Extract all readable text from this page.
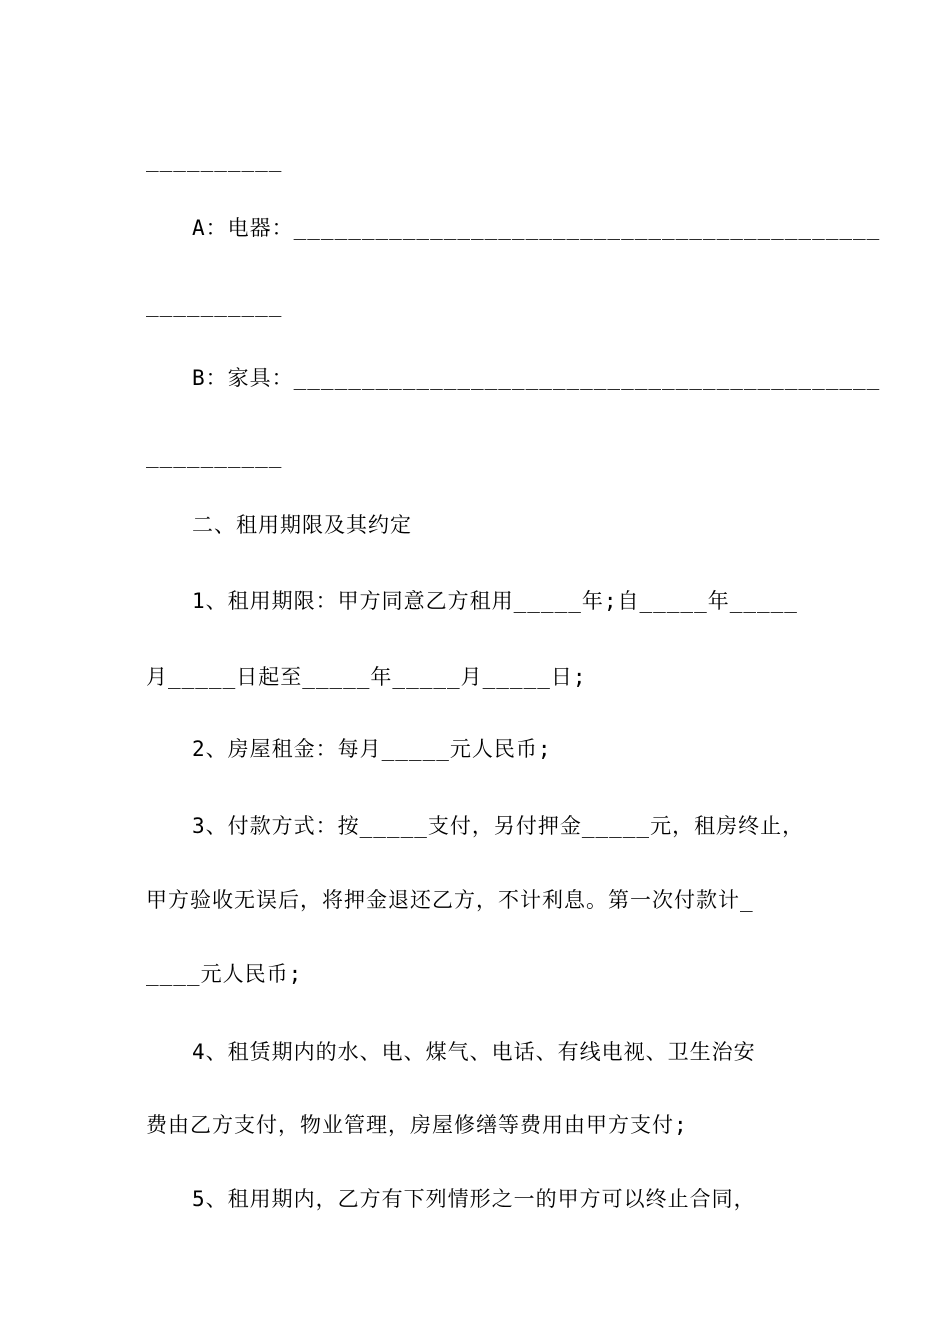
__________
A：电器：___________________________________________
__________
B：家具：___________________________________________
__________
二、租用期限及其约定
1、租用期限：甲方同意乙方租用_____年;自_____年_____
月_____日起至_____年_____月_____日;
2、房屋租金：每月_____元人民币;
3、付款方式：按_____支付，另付押金_____元，租房终止，
甲方验收无误后，将押金退还乙方，不计利息。第一次付款计_
____元人民币;
4、租赁期内的水、电、煤气、电话、有线电视、卫生治安
费由乙方支付，物业管理，房屋修缮等费用由甲方支付;
5、租用期内，乙方有下列情形之一的甲方可以终止合同，
